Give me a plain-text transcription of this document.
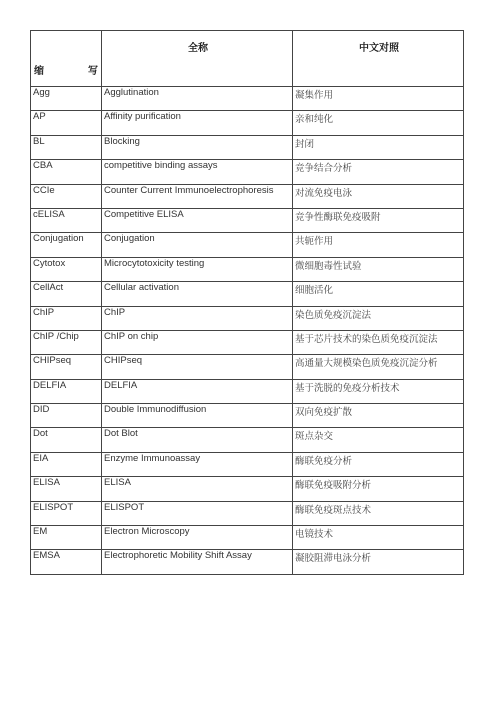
缩 写	全称	中文对照
Agg	Agglutination	凝集作用
AP	Affinity purification	亲和纯化
BL	Blocking	封闭
CBA	competitive binding assays	竞争结合分析
CCIe	Counter Current Immunoelectrophoresis	对流免疫电泳
cELISA	Competitive ELISA	竞争性酶联免疫吸附
Conjugation	Conjugation	共轭作用
Cytotox	Microcytotoxicity testing	微细胞毒性试验
CellAct	Cellular activation	细胞活化
ChIP	ChIP	染色质免疫沉淀法
ChIP /Chip	ChIP on chip	基于芯片技术的染色质免疫沉淀法
CHIPseq	CHIPseq	高通量大规模染色质免疫沉淀分析
DELFIA	DELFIA	基于洗脱的免疫分析技术
DID	Double Immunodiffusion	双向免疫扩散
Dot	Dot Blot	斑点杂交
EIA	Enzyme Immunoassay	酶联免疫分析
ELISA	ELISA	酶联免疫吸附分析
ELISPOT	ELISPOT	酶联免疫斑点技术
EM	Electron Microscopy	电镜技术
EMSA	Electrophoretic Mobility Shift Assay	凝胶阻滞电泳分析
